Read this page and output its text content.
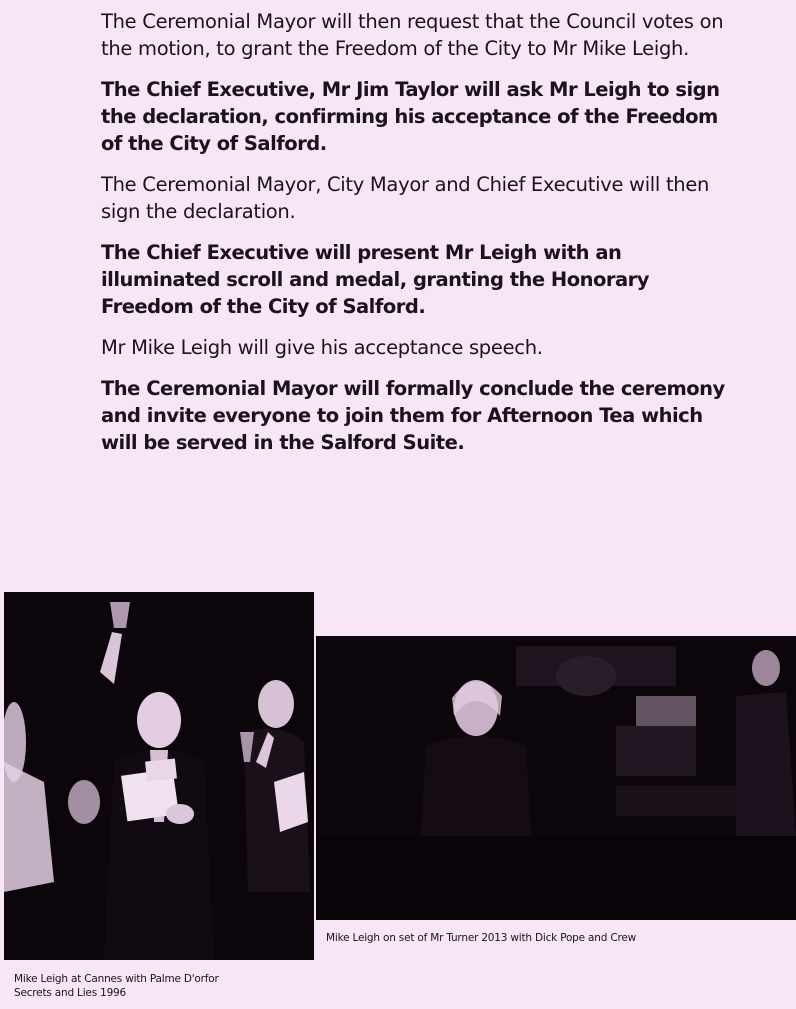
The Ceremonial Mayor will then request that the Council votes on the motion, to grant the Freedom of the City to Mr Mike Leigh.

The Chief Executive, Mr Jim Taylor will ask Mr Leigh to sign the declaration, confirming his acceptance of the Freedom of the City of Salford.

The Ceremonial Mayor, City Mayor and Chief Executive will then sign the declaration.

The Chief Executive will present Mr Leigh with an illuminated scroll and medal, granting the Honorary Freedom of the City of Salford.

Mr Mike Leigh will give his acceptance speech.

The Ceremonial Mayor will formally conclude the ceremony and invite everyone to join them for Afternoon Tea which will be served in the Salford Suite.

Mike Leigh on set of Mr Turner 2013 with Dick Pope and Crew
Mike Leigh at Cannes with Palme D'orfor
Secrets and Lies 1996
